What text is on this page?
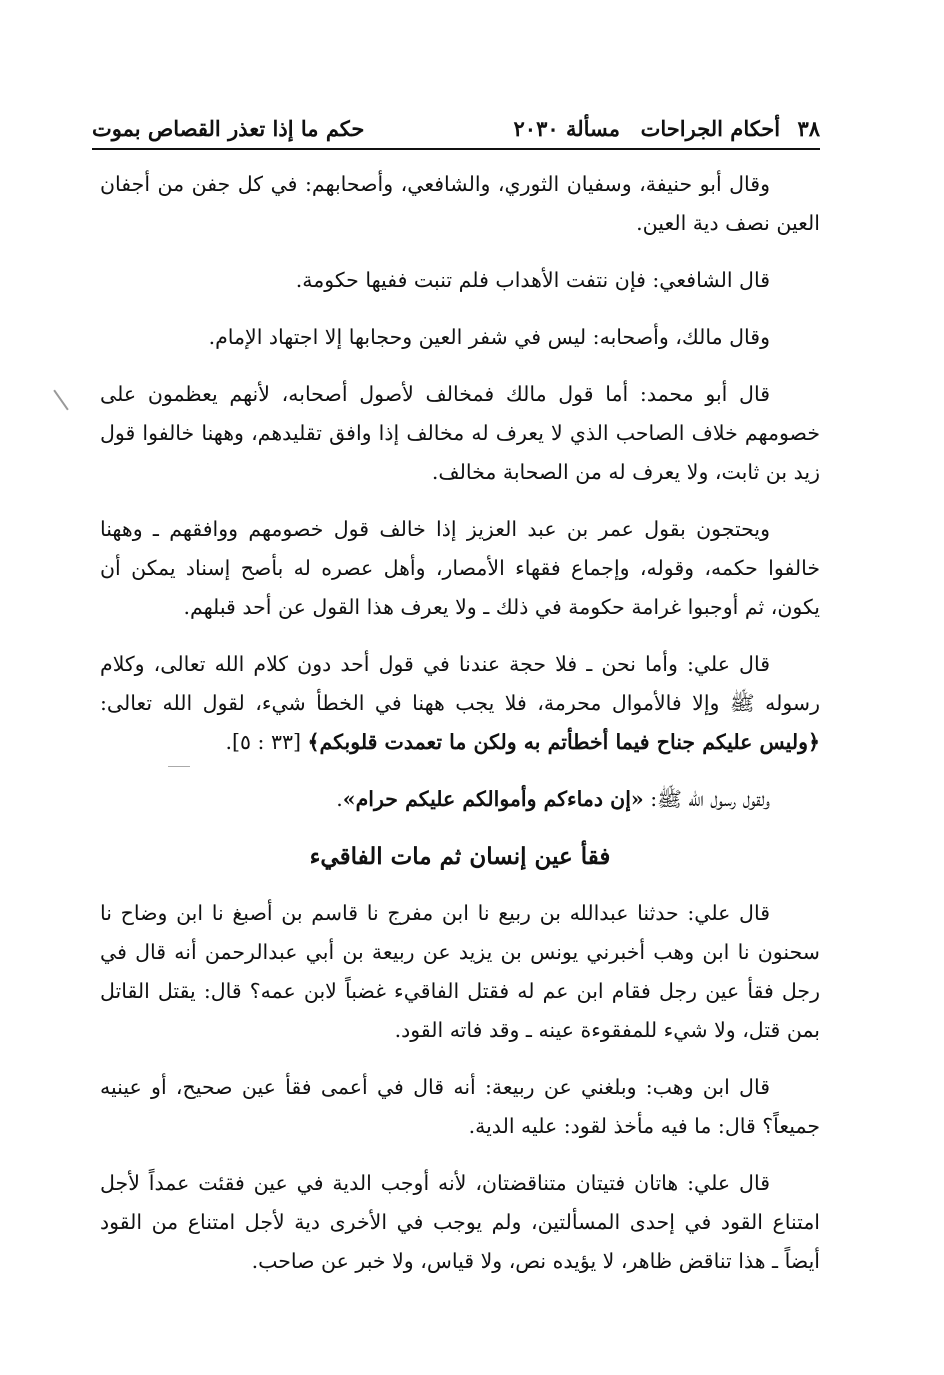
٣٨ أحكام الجراحات
مسألة ٢٠٣٠
حكم ما إذا تعذر القصاص بموت

وقال أبو حنيفة، وسفيان الثوري، والشافعي، وأصحابهم: في كل جفن من أجفان العين نصف دية العين.

قال الشافعي: فإن نتفت الأهداب فلم تنبت ففيها حكومة.

وقال مالك، وأصحابه: ليس في شفر العين وحجابها إلا اجتهاد الإمام.

قال أبو محمد: أما قول مالك فمخالف لأصول أصحابه، لأنهم يعظمون على خصومهم خلاف الصاحب الذي لا يعرف له مخالف إذا وافق تقليدهم، وههنا خالفوا قول زيد بن ثابت، ولا يعرف له من الصحابة مخالف.

ويحتجون بقول عمر بن عبد العزيز إذا خالف قول خصومهم ووافقهم ـ وههنا خالفوا حكمه، وقوله، وإجماع فقهاء الأمصار، وأهل عصره له بأصح إسناد يمكن أن يكون، ثم أوجبوا غرامة حكومة في ذلك ـ ولا يعرف هذا القول عن أحد قبلهم.

قال علي: وأما نحن ـ فلا حجة عندنا في قول أحد دون كلام الله تعالى، وكلام رسوله ﷺ وإلا فالأموال محرمة، فلا يجب ههنا في الخطأ شيء، لقول الله تعالى: ﴿وليس عليكم جناح فيما أخطأتم به ولكن ما تعمدت قلوبكم﴾ [٣٣ : ٥].

ولقول رسول الله ﷺ: «إن دماءكم وأموالكم عليكم حرام».

فقأ عين إنسان ثم مات الفاقيء

قال علي: حدثنا عبدالله بن ربيع نا ابن مفرج نا قاسم بن أصبغ نا ابن وضاح نا سحنون نا ابن وهب أخبرني يونس بن يزيد عن ربيعة بن أبي عبدالرحمن أنه قال في رجل فقأ عين رجل فقام ابن عم له فقتل الفاقيء غضباً لابن عمه؟ قال: يقتل القاتل بمن قتل، ولا شيء للمفقوءة عينه ـ وقد فاته القود.

قال ابن وهب: وبلغني عن ربيعة: أنه قال في أعمى فقأ عين صحيح، أو عينيه جميعاً؟ قال: ما فيه مأخذ لقود: عليه الدية.

قال علي: هاتان فتيتان متناقضتان، لأنه أوجب الدية في عين فقئت عمداً لأجل امتناع القود في إحدى المسألتين، ولم يوجب في الأخرى دية لأجل امتناع من القود أيضاً ـ هذا تناقض ظاهر، لا يؤيده نص، ولا قياس، ولا خبر عن صاحب.
